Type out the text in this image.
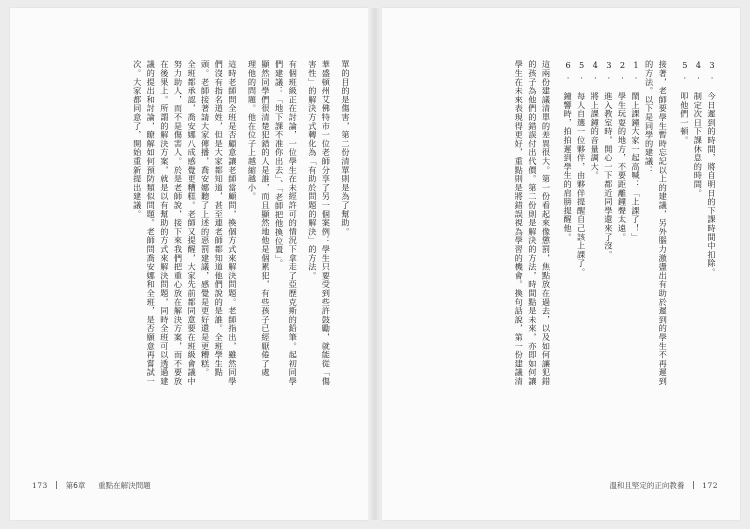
單的目的是傷害，第二份清單則是為了幫助。
華盛頓州艾佛特市一位老師分享了另一個案例：學生只要受到些許鼓勵，就能從「傷
害性」的解決方式轉化為「有助於問題的解決」的方法。
有個班級正在討論，一位學生在未經許可的情況下拿走了亞歷克斯的鉛筆。起初同學
們建議：「地下課不准你出去」、「老師把他換位置」。
顯然同學們很清楚犯錯的人是誰，而且顯然地他是個累犯，有些孩子已經厭倦了處
理他的問題。他在位子上越縮越小。
這時老師問全班是否顧意讓老師當顧問，換個方式來解決問題。老師指出，雖然同學
們沒有指名道姓，但是大家都知道，甚至連老師都知道他們說的是誰。全班學生點
頭。老師接著請大家傳播，喬安娜聽了上述的惡罰建議，感覺是更好還是更糟糕。
全班都承認，喬安娜八成感覺更糟糕。老師又提醒，大家先前都同意要在班級會議中
努力助人，而不是傷害人。於是老師說，接下來我們把重心放在解決方案，而不要放
在後果上。所謂的解決方案，就是以有幫助的方式來解決問題，同時全班可以透過建
議的提出和討論，瞭解如何預防類似問題。老師問喬安娜和全班，是否願意再嘗試一
次。大家都同意了，開始重新提出建議。
173 第6章 重點在解決問題
3. 今日遲到的時間，將自明日的下課時間中扣除。
4. 制定次日下課休息的時間。
5. 叩他們一頓。
接著，老師要學生暫時忘記以上的建議，另外腦力激盪出有助於遲到的學生不再遲到
的方法。以下是同學的建議：
1. 鬧上課鐘大家一起高喊：「上課了！」
2. 學生玩耍的地方，不要距離鐘聲太遠。
3. 進入教室時，開心一下都近同學還來了沒。
4. 將上課鐘的音量調大。
5. 每人自選一位夥伴，由夥伴提醒自己該上課了。
6. 鐘響時，拍拍遲到學生的肩膀提醒他。
這兩份建議清單的差異很大。第一份看起來像懲罰，焦點放在過去，以及如何讓犯錯
的孩子為他們的錯誤付出代價。第二份則是解決的方法，時間點是未來，亦即如何讓
學生在未來表現得更好，重點則是將錯誤視為學習的機會。換句話說，第一份建議清
溫和且堅定的正向教養 172
